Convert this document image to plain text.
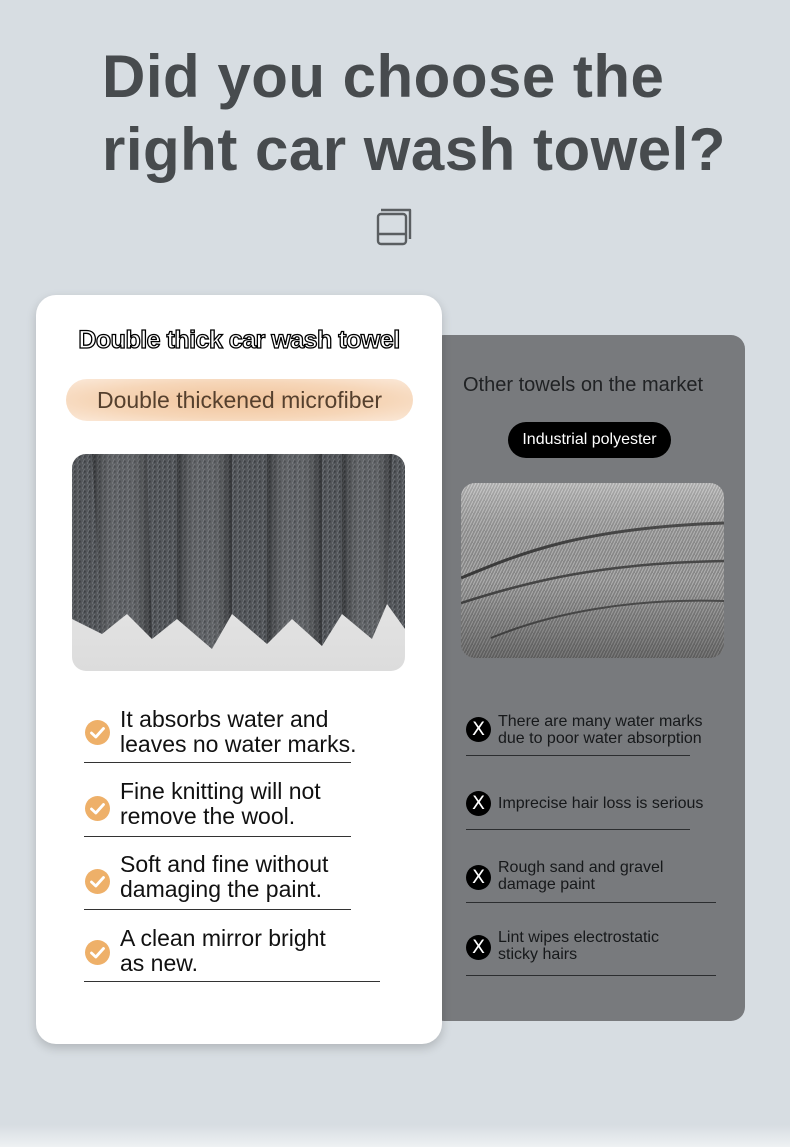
Did you choose the
right car wash towel?
Other towels on the market
Industrial polyester
X There are many water marks
due to poor water absorption
X Imprecise hair loss is serious
X Rough sand and gravel
damage paint
X Lint wipes electrostatic
sticky hairs
Double thick car wash towel
Double thickened microfiber
It absorbs water and
leaves no water marks.
Fine knitting will not
remove the wool.
Soft and fine without
damaging the paint.
A clean mirror bright
as new.
